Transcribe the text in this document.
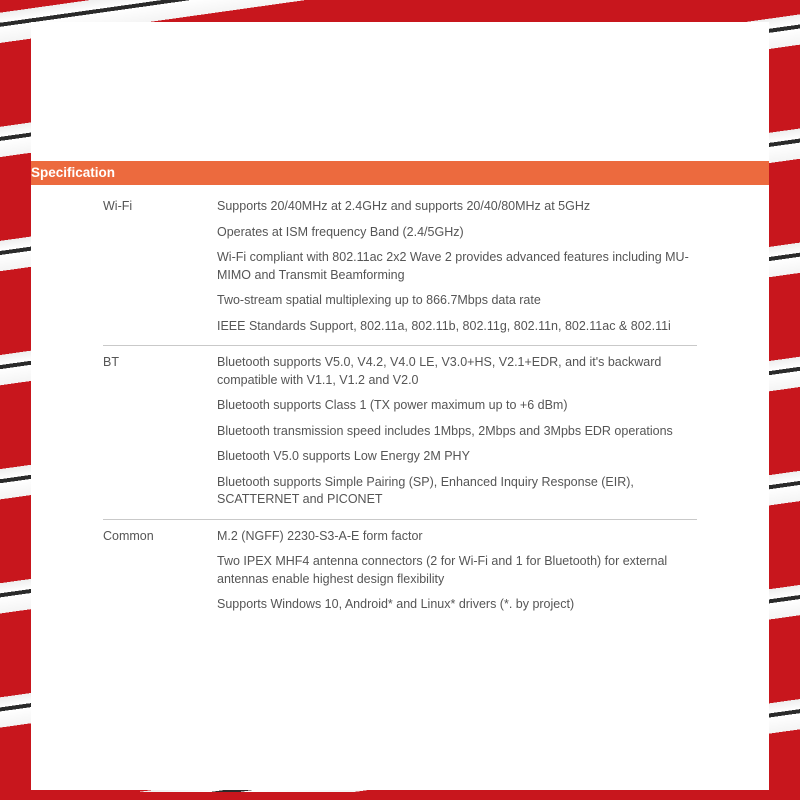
Specification
Wi-Fi	Supports 20/40MHz at 2.4GHz and supports 20/40/80MHz at 5GHz
Operates at ISM frequency Band (2.4/5GHz)
Wi-Fi compliant with 802.11ac 2x2 Wave 2 provides advanced features including MU-MIMO and Transmit Beamforming
Two-stream spatial multiplexing up to 866.7Mbps data rate
IEEE Standards Support, 802.11a, 802.11b, 802.11g, 802.11n, 802.11ac & 802.11i
BT	Bluetooth supports V5.0, V4.2, V4.0 LE, V3.0+HS, V2.1+EDR, and it's backward compatible with V1.1, V1.2 and V2.0
Bluetooth supports Class 1 (TX power maximum up to +6 dBm)
Bluetooth transmission speed includes 1Mbps, 2Mbps and 3Mpbs EDR operations
Bluetooth V5.0 supports Low Energy 2M PHY
Bluetooth supports Simple Pairing (SP), Enhanced Inquiry Response (EIR), SCATTERNET and PICONET
Common	M.2 (NGFF) 2230-S3-A-E form factor
Two IPEX MHF4 antenna connectors (2 for Wi-Fi and 1 for Bluetooth) for external antennas enable highest design flexibility
Supports Windows 10, Android* and Linux* drivers (*. by project)
